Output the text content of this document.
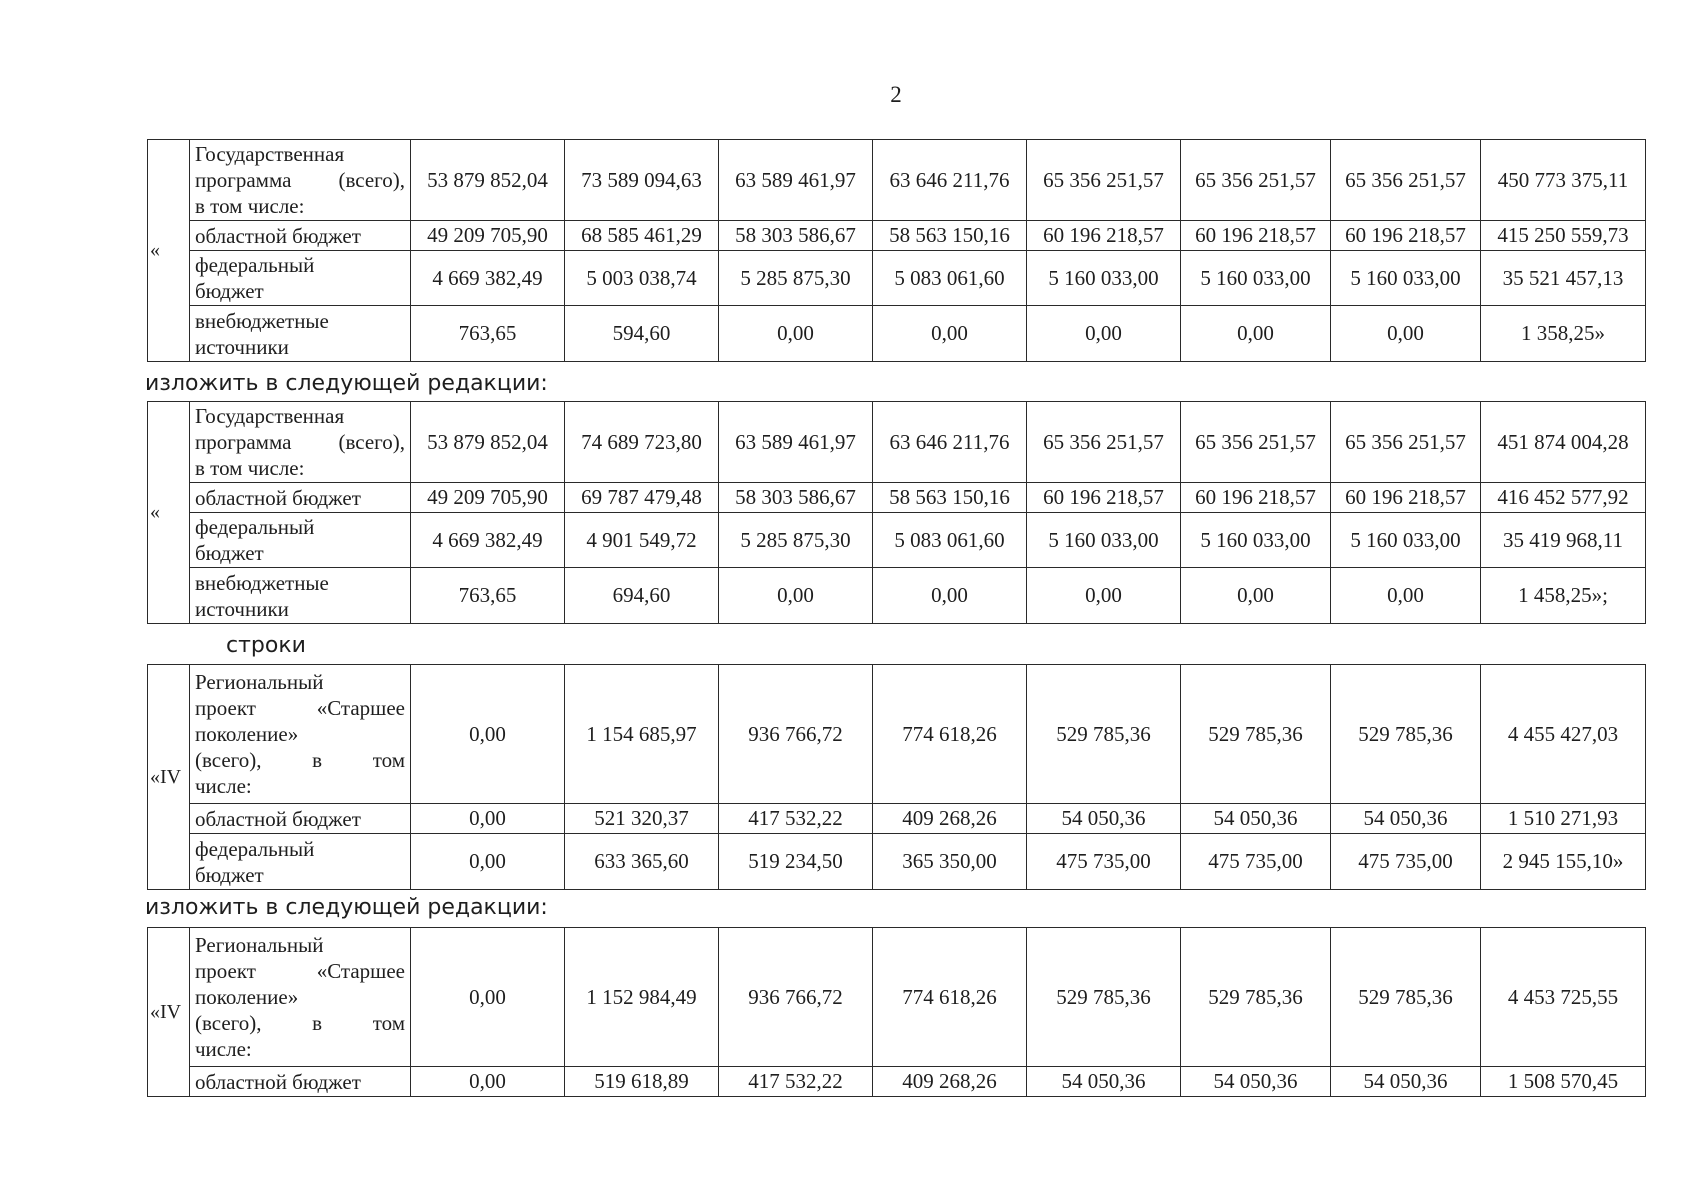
2
«	Государственная
программа (всего),
в том числе:	53 879 852,04	73 589 094,63	63 589 461,97	63 646 211,76	65 356 251,57	65 356 251,57	65 356 251,57	450 773 375,11

	областной бюджет	49 209 705,90	68 585 461,29	58 303 586,67	58 563 150,16	60 196 218,57	60 196 218,57	60 196 218,57	415 250 559,73

	федеральный
бюджет	4 669 382,49	5 003 038,74	5 285 875,30	5 083 061,60	5 160 033,00	5 160 033,00	5 160 033,00	35 521 457,13

	внебюджетные
источники	763,65	594,60	0,00	0,00	0,00	0,00	0,00	1 358,25»
изложить в следующей редакции:
«	Государственная
программа (всего),
в том числе:	53 879 852,04	74 689 723,80	63 589 461,97	63 646 211,76	65 356 251,57	65 356 251,57	65 356 251,57	451 874 004,28

	областной бюджет	49 209 705,90	69 787 479,48	58 303 586,67	58 563 150,16	60 196 218,57	60 196 218,57	60 196 218,57	416 452 577,92

	федеральный
бюджет	4 669 382,49	4 901 549,72	5 285 875,30	5 083 061,60	5 160 033,00	5 160 033,00	5 160 033,00	35 419 968,11

	внебюджетные
источники	763,65	694,60	0,00	0,00	0,00	0,00	0,00	1 458,25»;
строки
«IV	Региональный
проект «Старшее
поколение»
(всего), в том
числе:	0,00	1 154 685,97	936 766,72	774 618,26	529 785,36	529 785,36	529 785,36	4 455 427,03

	областной бюджет	0,00	521 320,37	417 532,22	409 268,26	54 050,36	54 050,36	54 050,36	1 510 271,93

	федеральный
бюджет	0,00	633 365,60	519 234,50	365 350,00	475 735,00	475 735,00	475 735,00	2 945 155,10»
изложить в следующей редакции:
«IV	Региональный
проект «Старшее
поколение»
(всего), в том
числе:	0,00	1 152 984,49	936 766,72	774 618,26	529 785,36	529 785,36	529 785,36	4 453 725,55

	областной бюджет	0,00	519 618,89	417 532,22	409 268,26	54 050,36	54 050,36	54 050,36	1 508 570,45
